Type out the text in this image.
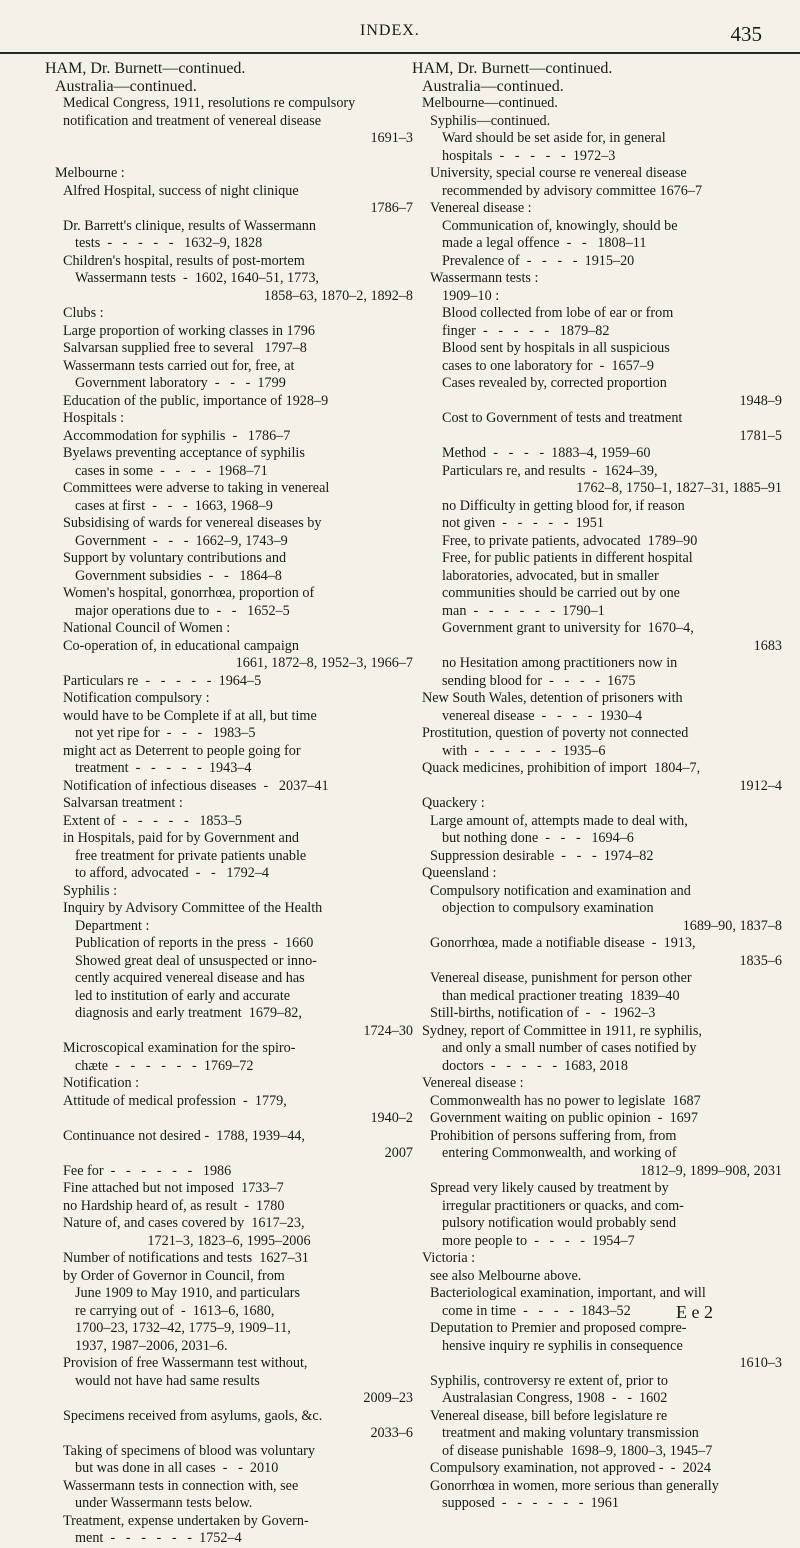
INDEX.	435
HAM, Dr. Burnett—continued.
Australia—continued.
Medical Congress, 1911, resolutions re compulsory
notification and treatment of venereal disease
1691–3

Melbourne :
Alfred Hospital, success of night clinique
1786–7
Dr. Barrett's clinique, results of Wassermann
tests  -   -   -   -   -   1632–9, 1828
Children's hospital, results of post-mortem
Wassermann tests  -  1602, 1640–51, 1773,
1858–63, 1870–2, 1892–8
Clubs :
Large proportion of working classes in 1796
Salvarsan supplied free to several   1797–8
Wassermann tests carried out for, free, at
Government laboratory  -   -   -  1799
Education of the public, importance of 1928–9
Hospitals :
Accommodation for syphilis  -   1786–7
Byelaws preventing acceptance of syphilis
cases in some  -   -   -   -  1968–71
Committees were adverse to taking in venereal
cases at first  -   -   -  1663, 1968–9
Subsidising of wards for venereal diseases by
Government  -   -   -  1662–9, 1743–9
Support by voluntary contributions and
Government subsidies  -   -   1864–8
Women's hospital, gonorrhœa, proportion of
major operations due to  -   -   1652–5
National Council of Women :
Co-operation of, in educational campaign
1661, 1872–8, 1952–3, 1966–7
Particulars re  -   -   -   -   -  1964–5
Notification compulsory :
would have to be Complete if at all, but time
not yet ripe for  -   -   -   1983–5
might act as Deterrent to people going for
treatment  -   -   -   -   -  1943–4
Notification of infectious diseases  -   2037–41
Salvarsan treatment :
Extent of  -   -   -   -   -   1853–5
in Hospitals, paid for by Government and
free treatment for private patients unable
to afford, advocated  -   -   1792–4
Syphilis :
Inquiry by Advisory Committee of the Health
Department :
Publication of reports in the press  -  1660
Showed great deal of unsuspected or inno-
cently acquired venereal disease and has
led to institution of early and accurate
diagnosis and early treatment  1679–82,
1724–30
Microscopical examination for the spiro-
chæte  -   -   -   -   -   -  1769–72
Notification :
Attitude of medical profession  -  1779,
1940–2
Continuance not desired -  1788, 1939–44,
2007
Fee for  -   -   -   -   -   -   1986
Fine attached but not imposed  1733–7
no Hardship heard of, as result  -  1780
Nature of, and cases covered by  1617–23,
1721–3, 1823–6, 1995–2006
Number of notifications and tests  1627–31
by Order of Governor in Council, from
June 1909 to May 1910, and particulars
re carrying out of  -  1613–6, 1680,
1700–23, 1732–42, 1775–9, 1909–11,
1937, 1987–2006, 2031–6.
Provision of free Wassermann test without,
would not have had same results
2009–23
Specimens received from asylums, gaols, &c.
2033–6
Taking of specimens of blood was voluntary
but was done in all cases  -   -  2010
Wassermann tests in connection with, see
under Wassermann tests below.
Treatment, expense undertaken by Govern-
ment  -   -   -   -   -   -  1752–4
HAM, Dr. Burnett—continued.
Australia—continued.
Melbourne—continued.
Syphilis—continued.
Ward should be set aside for, in general
hospitals  -   -   -   -   -  1972–3
University, special course re venereal disease
recommended by advisory committee 1676–7
Venereal disease :
Communication of, knowingly, should be
made a legal offence  -   -   1808–11
Prevalence of  -   -   -   -  1915–20
Wassermann tests :
1909–10 :
Blood collected from lobe of ear or from
finger  -   -   -   -   -   1879–82
Blood sent by hospitals in all suspicious
cases to one laboratory for  -  1657–9
Cases revealed by, corrected proportion
1948–9
Cost to Government of tests and treatment
1781–5
Method  -   -   -   -  1883–4, 1959–60
Particulars re, and results  -  1624–39,
1762–8, 1750–1, 1827–31, 1885–91
no Difficulty in getting blood for, if reason
not given  -   -   -   -   -  1951
Free, to private patients, advocated  1789–90
Free, for public patients in different hospital
laboratories, advocated, but in smaller
communities should be carried out by one
man  -   -   -   -   -   -  1790–1
Government grant to university for  1670–4,
1683
no Hesitation among practitioners now in
sending blood for  -   -   -   -  1675
New South Wales, detention of prisoners with
venereal disease  -   -   -   -  1930–4
Prostitution, question of poverty not connected
with  -   -   -   -   -   -  1935–6
Quack medicines, prohibition of import  1804–7,
1912–4
Quackery :
Large amount of, attempts made to deal with,
but nothing done  -   -   -   1694–6
Suppression desirable  -   -   -  1974–82
Queensland :
Compulsory notification and examination and
objection to compulsory examination
1689–90, 1837–8
Gonorrhœa, made a notifiable disease  -  1913,
1835–6
Venereal disease, punishment for person other
than medical practioner treating  1839–40
Still-births, notification of  -   -  1962–3
Sydney, report of Committee in 1911, re syphilis,
and only a small number of cases notified by
doctors  -   -   -   -   -  1683, 2018
Venereal disease :
Commonwealth has no power to legislate  1687
Government waiting on public opinion  -  1697
Prohibition of persons suffering from, from
entering Commonwealth, and working of
1812–9, 1899–908, 2031
Spread very likely caused by treatment by
irregular practitioners or quacks, and com-
pulsory notification would probably send
more people to  -   -   -   -  1954–7
Victoria :
see also Melbourne above.
Bacteriological examination, important, and will
come in time  -   -   -   -  1843–52
Deputation to Premier and proposed compre-
hensive inquiry re syphilis in consequence
1610–3
Syphilis, controversy re extent of, prior to
Australasian Congress, 1908  -   -  1602
Venereal disease, bill before legislature re
treatment and making voluntary transmission
of disease punishable  1698–9, 1800–3, 1945–7
Compulsory examination, not approved -  -  2024
Gonorrhœa in women, more serious than generally
supposed  -   -   -   -   -   -  1961
E e 2
